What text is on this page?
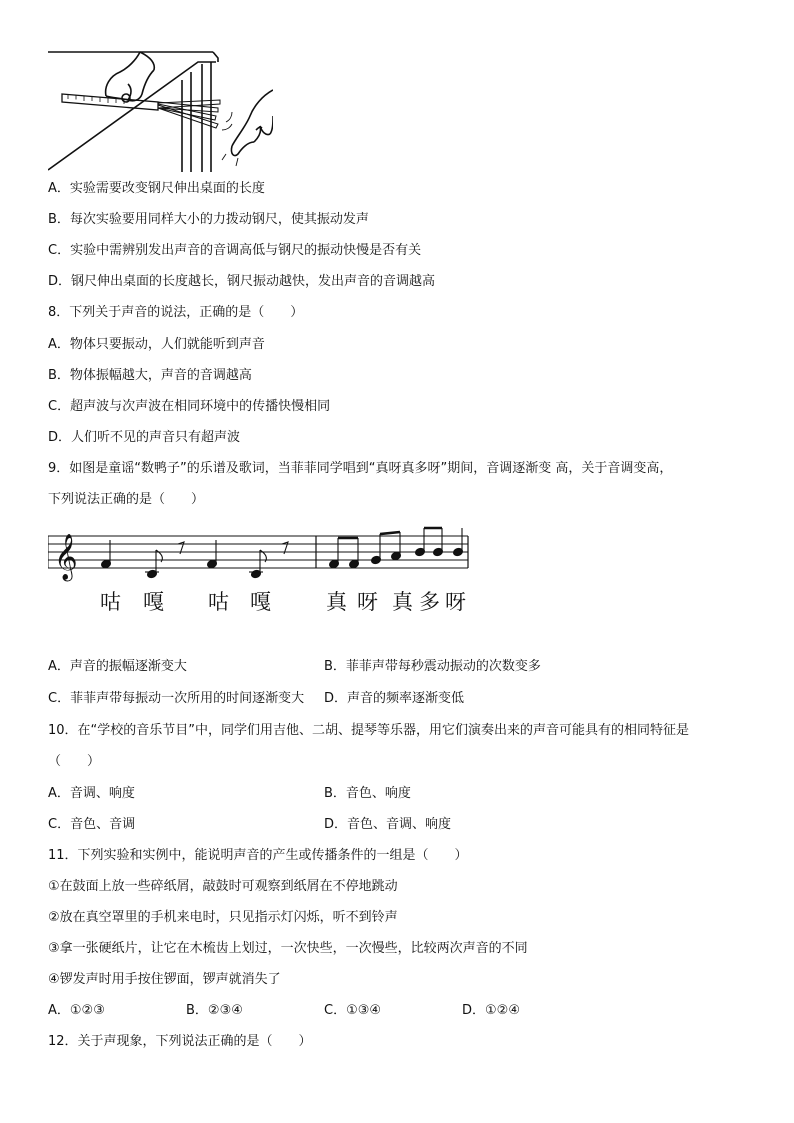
A．实验需要改变钢尺伸出桌面的长度
B．每次实验要用同样大小的力拨动钢尺，使其振动发声
C．实验中需辨别发出声音的音调高低与钢尺的振动快慢是否有关
D．钢尺伸出桌面的长度越长，钢尺振动越快，发出声音的音调越高
8．下列关于声音的说法，正确的是（　　）
A．物体只要振动，人们就能听到声音
B．物体振幅越大，声音的音调越高
C．超声波与次声波在相同环境中的传播快慢相同
D．人们听不见的声音只有超声波
9．如图是童谣“数鸭子”的乐谱及歌词，当菲菲同学唱到“真呀真多呀”期间，音调逐渐变 高，关于音调变高，
下列说法正确的是（　　）
𝄞
咕 嘎 咕 嘎	真 呀 真 多 呀
A．声音的振幅逐渐变大	B．菲菲声带每秒震动振动的次数变多
C．菲菲声带每振动一次所用的时间逐渐变大 D．声音的频率逐渐变低
10．在“学校的音乐节目”中，同学们用吉他、二胡、提琴等乐器，用它们演奏出来的声音可能具有的相同特征是
（　　）
A．音调、响度	B．音色、响度
C．音色、音调	D．音色、音调、响度
11．下列实验和实例中，能说明声音的产生或传播条件的一组是（　　）
①在鼓面上放一些碎纸屑，敲鼓时可观察到纸屑在不停地跳动
②放在真空罩里的手机来电时，只见指示灯闪烁，听不到铃声
③拿一张硬纸片，让它在木梳齿上划过，一次快些，一次慢些，比较两次声音的不同
④锣发声时用手按住锣面，锣声就消失了
A．①②③	B．②③④	C．①③④	D．①②④
12．关于声现象，下列说法正确的是（　　）
